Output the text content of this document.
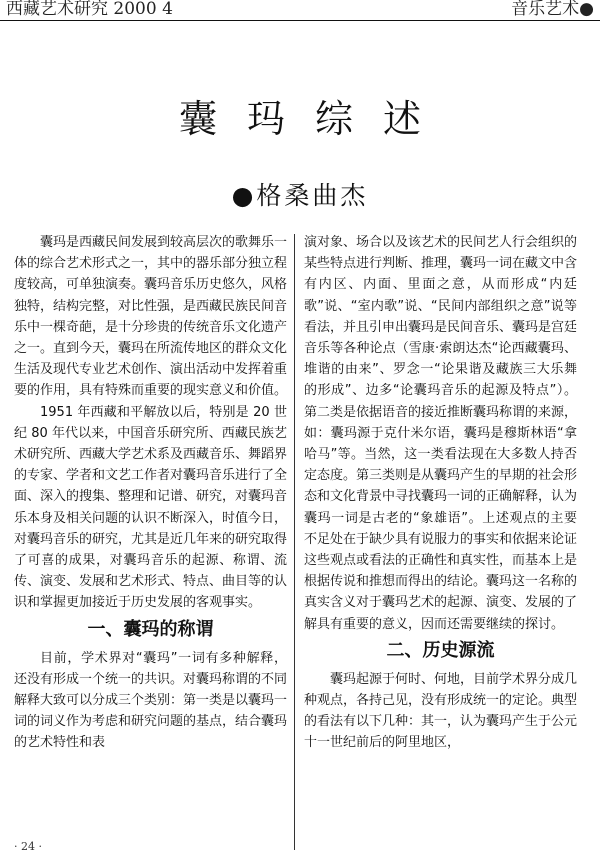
西藏艺术研究 2000 4	音乐艺术●
囊玛综述
●格桑曲杰

囊玛是西藏民间发展到较高层次的歌舞乐一体的综合艺术形式之一，其中的器乐部分独立程度较高，可单独演奏。囊玛音乐历史悠久，风格独特，结构完整，对比性强，是西藏民族民间音乐中一棵奇葩，是十分珍贵的传统音乐文化遗产之一。直到今天，囊玛在所流传地区的群众文化生活及现代专业艺术创作、演出活动中发挥着重要的作用，具有特殊而重要的现实意义和价值。

1951 年西藏和平解放以后，特别是 20 世纪 80 年代以来，中国音乐研究所、西藏民族艺术研究所、西藏大学艺术系及西藏音乐、舞蹈界的专家、学者和文艺工作者对囊玛音乐进行了全面、深入的搜集、整理和记谱、研究，对囊玛音乐本身及相关问题的认识不断深入，时值今日，对囊玛音乐的研究，尤其是近几年来的研究取得了可喜的成果，对囊玛音乐的起源、称谓、流传、演变、发展和艺术形式、特点、曲目等的认识和掌握更加接近于历史发展的客观事实。

一、囊玛的称谓

目前，学术界对“囊玛”一词有多种解释，还没有形成一个统一的共识。对囊玛称谓的不同解释大致可以分成三个类别：第一类是以囊玛一词的词义作为考虑和研究问题的基点，结合囊玛的艺术特性和表

演对象、场合以及该艺术的民间艺人行会组织的某些特点进行判断、推理，囊玛一词在藏文中含有内区、内面、里面之意，从而形成“内廷歌”说、“室内歌”说、“民间内部组织之意”说等看法，并且引申出囊玛是民间音乐、囊玛是宫廷音乐等各种论点（雪康·索朗达杰“论西藏囊玛、堆谐的由来”、罗念一“论果谐及藏族三大乐舞的形成”、边多“论囊玛音乐的起源及特点”）。第二类是依据语音的接近推断囊玛称谓的来源，如：囊玛源于克什米尔语，囊玛是穆斯林语“拿哈马”等。当然，这一类看法现在大多数人持否定态度。第三类则是从囊玛产生的早期的社会形态和文化背景中寻找囊玛一词的正确解释，认为囊玛一词是古老的“象雄语”。上述观点的主要不足处在于缺少具有说服力的事实和依据来论证这些观点或看法的正确性和真实性，而基本上是根据传说和推想而得出的结论。囊玛这一名称的真实含义对于囊玛艺术的起源、演变、发展的了解具有重要的意义，因而还需要继续的探讨。

二、历史源流

囊玛起源于何时、何地，目前学术界分成几种观点，各持己见，没有形成统一的定论。典型的看法有以下几种：其一，认为囊玛产生于公元十一世纪前后的阿里地区，

· 24 ·
